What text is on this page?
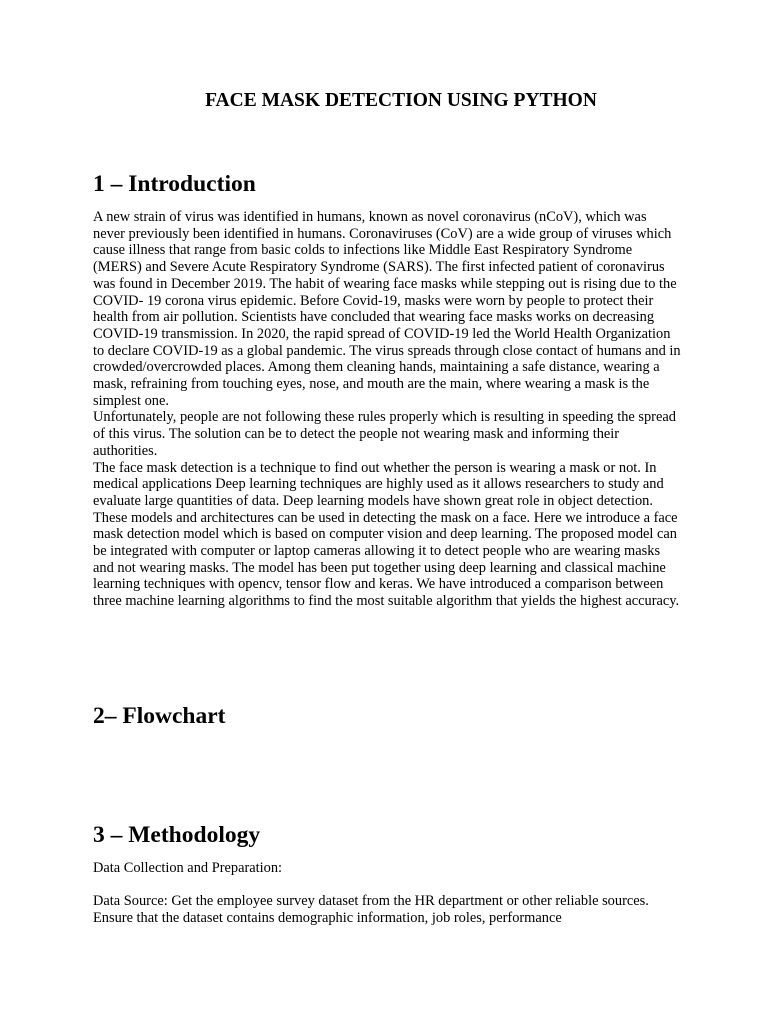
FACE MASK DETECTION USING PYTHON
1 – Introduction

A new strain of virus was identified in humans, known as novel coronavirus (nCoV), which was never previously been identified in humans. Coronaviruses (CoV) are a wide group of viruses which cause illness that range from basic colds to infections like Middle East Respiratory Syndrome (MERS) and Severe Acute Respiratory Syndrome (SARS). The first infected patient of coronavirus was found in December 2019. The habit of wearing face masks while stepping out is rising due to the COVID- 19 corona virus epidemic. Before Covid-19, masks were worn by people to protect their health from air pollution. Scientists have concluded that wearing face masks works on decreasing COVID-19 transmission. In 2020, the rapid spread of COVID-19 led the World Health Organization to declare COVID-19 as a global pandemic. The virus spreads through close contact of humans and in crowded/overcrowded places. Among them cleaning hands, maintaining a safe distance, wearing a mask, refraining from touching eyes, nose, and mouth are the main, where wearing a mask is the simplest one.

Unfortunately, people are not following these rules properly which is resulting in speeding the spread of this virus. The solution can be to detect the people not wearing mask and informing their authorities.

The face mask detection is a technique to find out whether the person is wearing a mask or not. In medical applications Deep learning techniques are highly used as it allows researchers to study and evaluate large quantities of data. Deep learning models have shown great role in object detection. These models and architectures can be used in detecting the mask on a face. Here we introduce a face mask detection model which is based on computer vision and deep learning. The proposed model can be integrated with computer or laptop cameras allowing it to detect people who are wearing masks and not wearing masks. The model has been put together using deep learning and classical machine learning techniques with opencv, tensor flow and keras. We have introduced a comparison between three machine learning algorithms to find the most suitable algorithm that yields the highest accuracy.

2– Flowchart
3 – Methodology

Data Collection and Preparation:

Data Source: Get the employee survey dataset from the HR department or other reliable sources. Ensure that the dataset contains demographic information, job roles, performance
